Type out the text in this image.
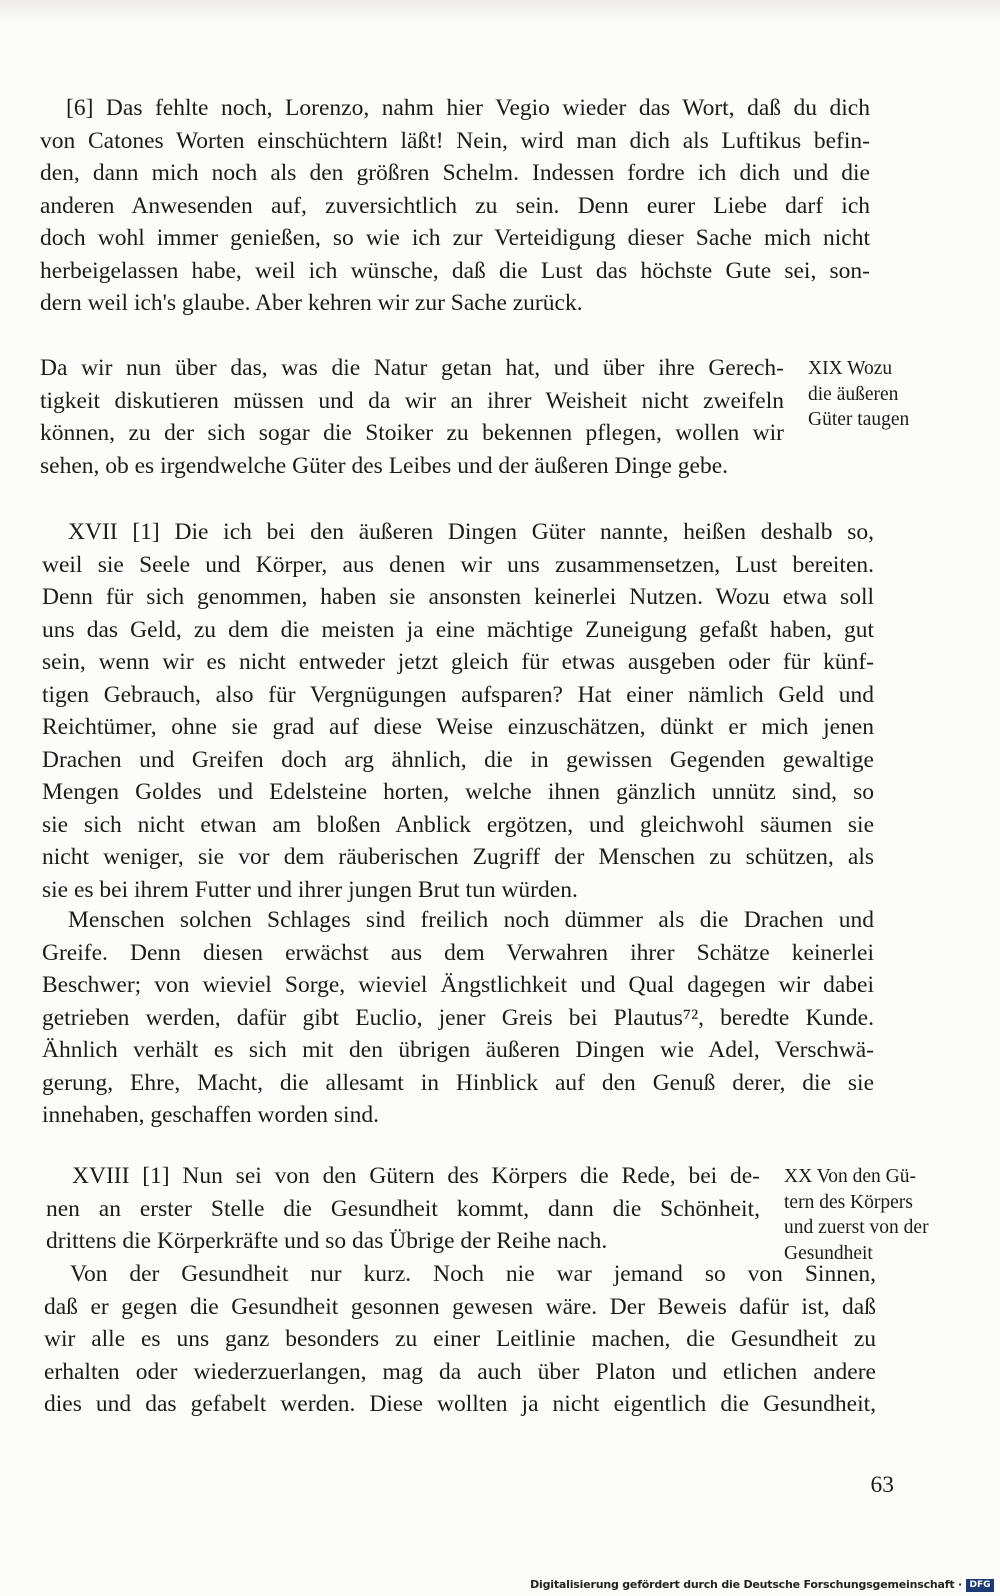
[6] Das fehlte noch, Lorenzo, nahm hier Vegio wieder das Wort, daß du dich
von Catones Worten einschüchtern läßt! Nein, wird man dich als Luftikus befin-
den, dann mich noch als den größren Schelm. Indessen fordre ich dich und die
anderen Anwesenden auf, zuversichtlich zu sein. Denn eurer Liebe darf ich
doch wohl immer genießen, so wie ich zur Verteidigung dieser Sache mich nicht
herbeigelassen habe, weil ich wünsche, daß die Lust das höchste Gute sei, son-
dern weil ich's glaube. Aber kehren wir zur Sache zurück.
Da wir nun über das, was die Natur getan hat, und über ihre Gerech-
tigkeit diskutieren müssen und da wir an ihrer Weisheit nicht zweifeln
können, zu der sich sogar die Stoiker zu bekennen pflegen, wollen wir
sehen, ob es irgendwelche Güter des Leibes und der äußeren Dinge gebe.
XIX Wozu
die äußeren
Güter taugen
XVII [1] Die ich bei den äußeren Dingen Güter nannte, heißen deshalb so,
weil sie Seele und Körper, aus denen wir uns zusammensetzen, Lust bereiten.
Denn für sich genommen, haben sie ansonsten keinerlei Nutzen. Wozu etwa soll
uns das Geld, zu dem die meisten ja eine mächtige Zuneigung gefaßt haben, gut
sein, wenn wir es nicht entweder jetzt gleich für etwas ausgeben oder für künf-
tigen Gebrauch, also für Vergnügungen aufsparen? Hat einer nämlich Geld und
Reichtümer, ohne sie grad auf diese Weise einzuschätzen, dünkt er mich jenen
Drachen und Greifen doch arg ähnlich, die in gewissen Gegenden gewaltige
Mengen Goldes und Edelsteine horten, welche ihnen gänzlich unnütz sind, so
sie sich nicht etwan am bloßen Anblick ergötzen, und gleichwohl säumen sie
nicht weniger, sie vor dem räuberischen Zugriff der Menschen zu schützen, als
sie es bei ihrem Futter und ihrer jungen Brut tun würden.
Menschen solchen Schlages sind freilich noch dümmer als die Drachen und
Greife. Denn diesen erwächst aus dem Verwahren ihrer Schätze keinerlei
Beschwer; von wieviel Sorge, wieviel Ängstlichkeit und Qual dagegen wir dabei
getrieben werden, dafür gibt Euclio, jener Greis bei Plautus⁷², beredte Kunde.
Ähnlich verhält es sich mit den übrigen äußeren Dingen wie Adel, Verschwä-
gerung, Ehre, Macht, die allesamt in Hinblick auf den Genuß derer, die sie
innehaben, geschaffen worden sind.
XVIII [1] Nun sei von den Gütern des Körpers die Rede, bei de-
nen an erster Stelle die Gesundheit kommt, dann die Schönheit,
drittens die Körperkräfte und so das Übrige der Reihe nach.
XX Von den Gü-
tern des Körpers
und zuerst von der
Gesundheit
Von der Gesundheit nur kurz. Noch nie war jemand so von Sinnen,
daß er gegen die Gesundheit gesonnen gewesen wäre. Der Beweis dafür ist, daß
wir alle es uns ganz besonders zu einer Leitlinie machen, die Gesundheit zu
erhalten oder wiederzuerlangen, mag da auch über Platon und etlichen andere
dies und das gefabelt werden. Diese wollten ja nicht eigentlich die Gesundheit,
63
Digitalisierung gefördert durch die Deutsche Forschungsgemeinschaft · DFG
